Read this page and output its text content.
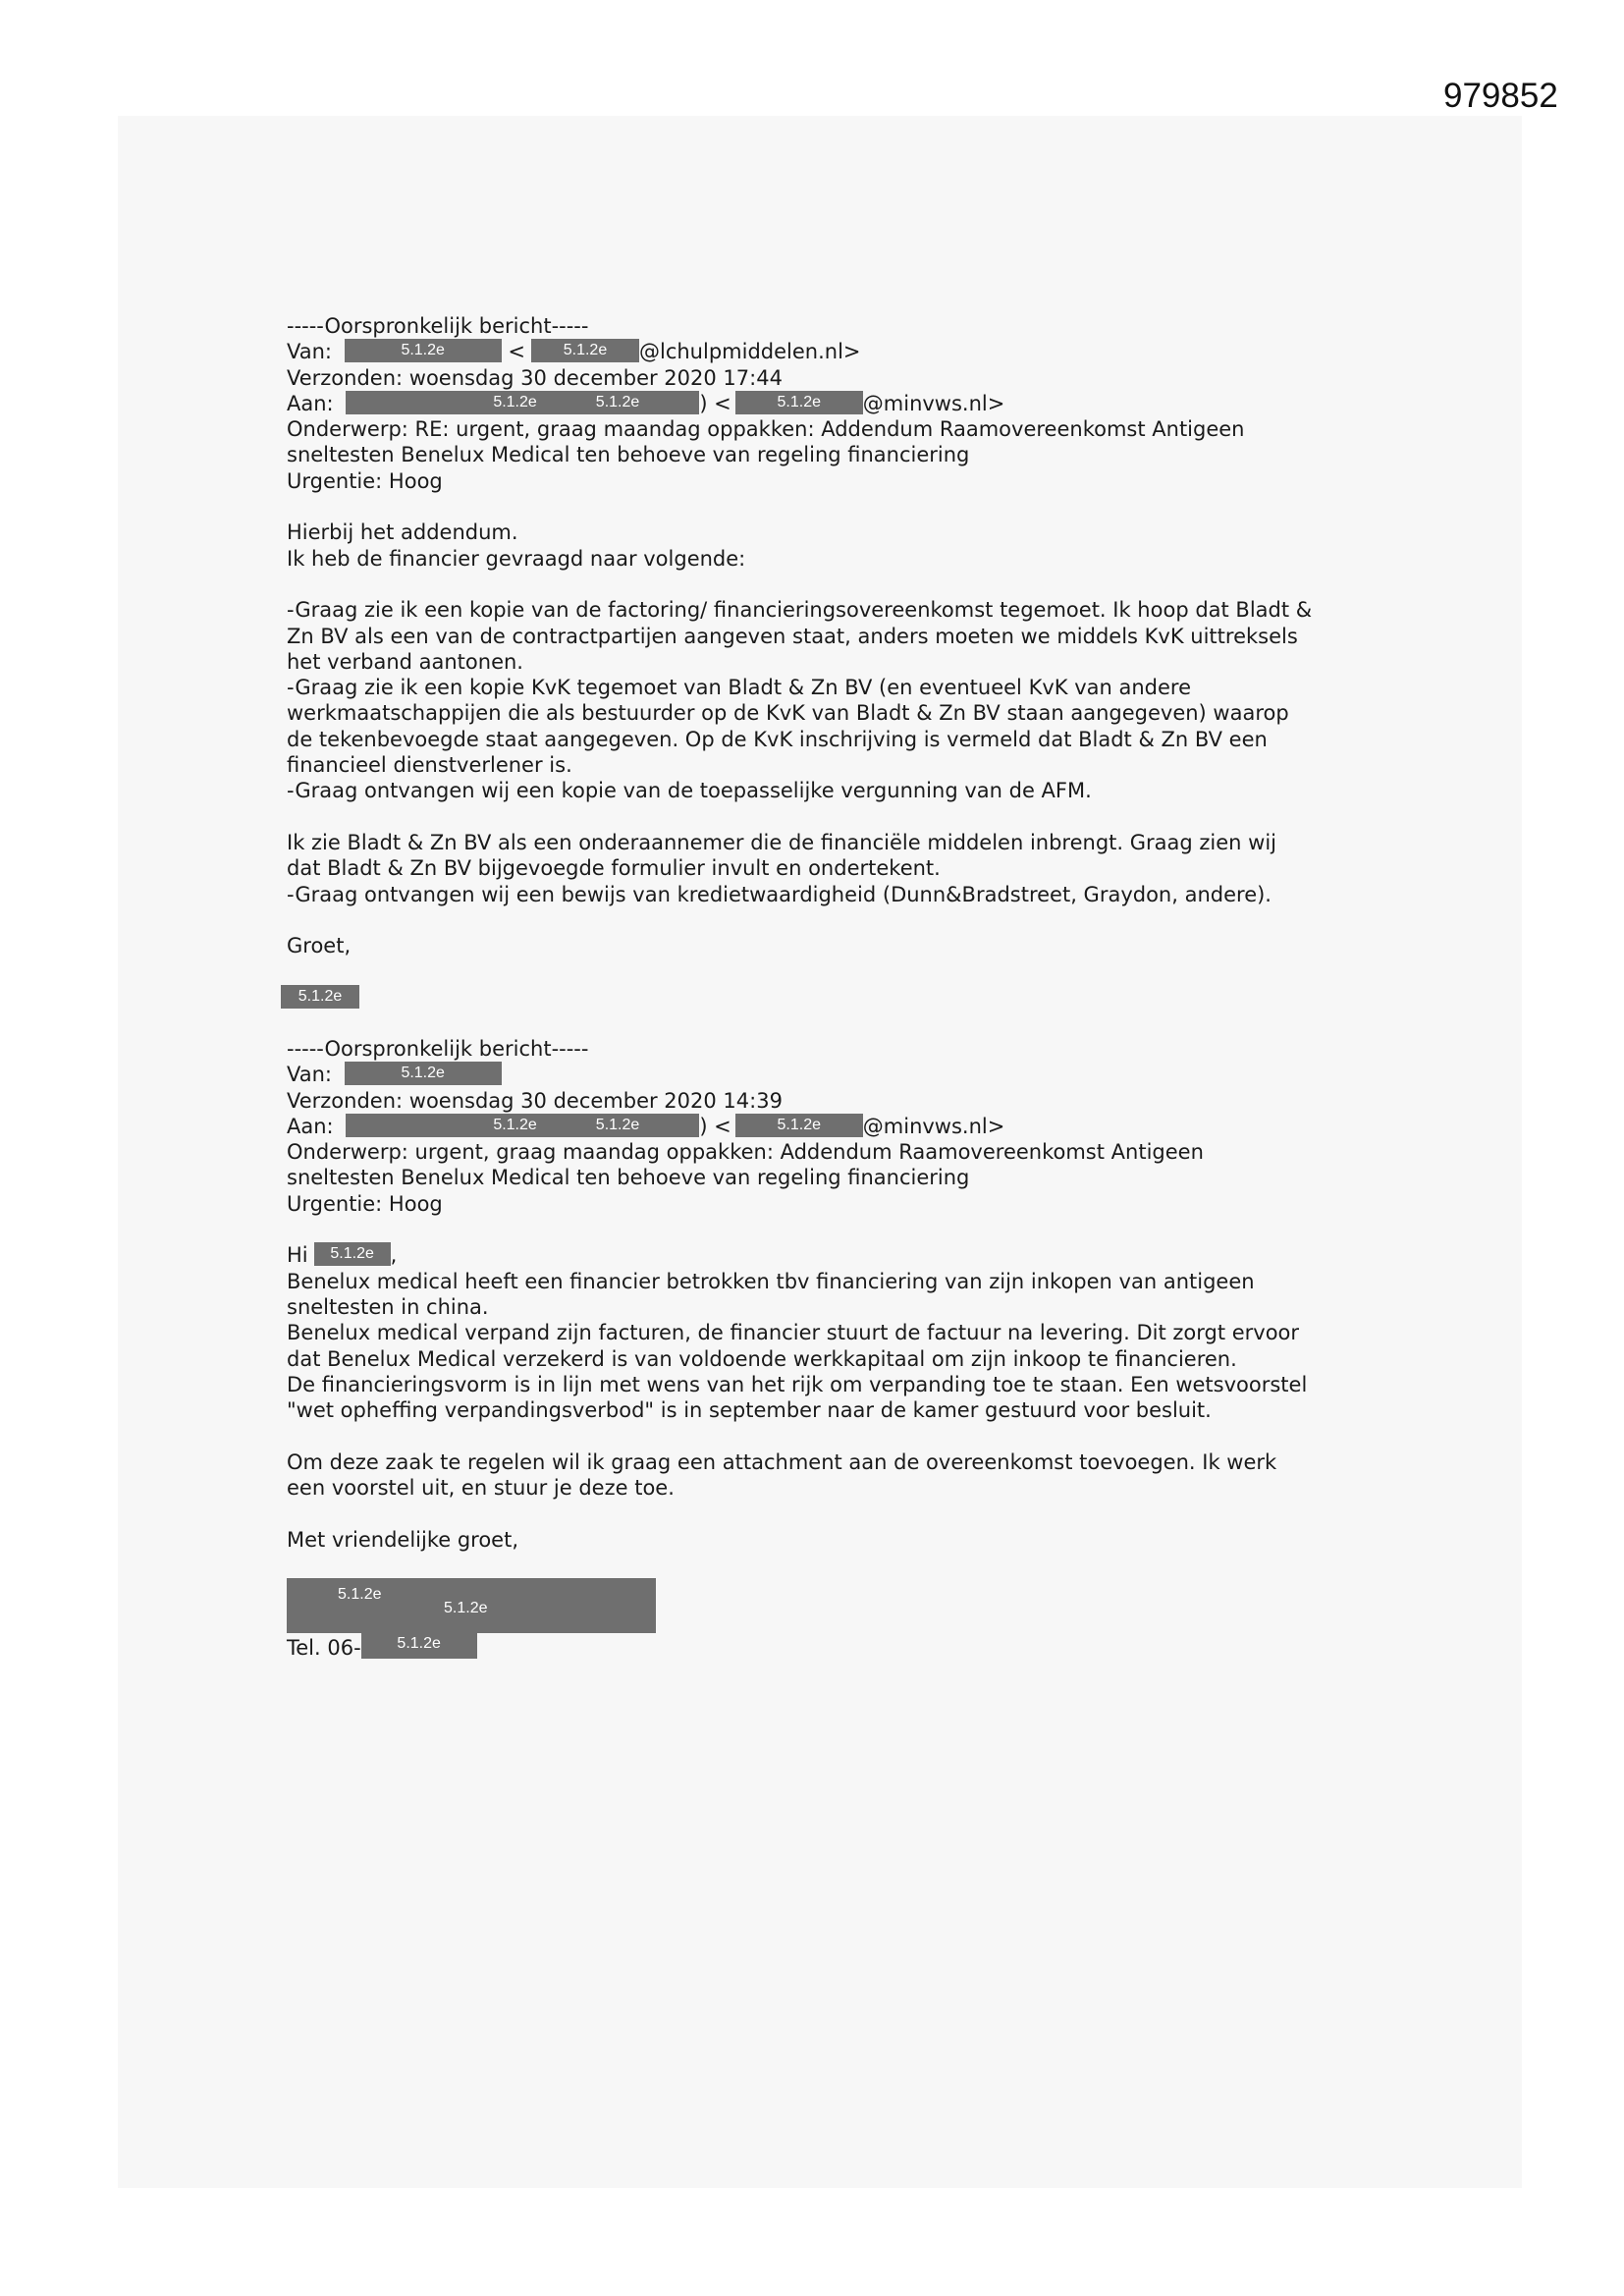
979852
-----Oorspronkelijk bericht-----
Van:	5.1.2e	< 5.1.2e @lchulpmiddelen.nl>
Verzonden: woensdag 30 december 2020 17:44
Aan:	5.1.2e	5.1.2e	) <	5.1.2e @minvws.nl>
Onderwerp: RE: urgent, graag maandag oppakken: Addendum Raamovereenkomst Antigeen
sneltesten Benelux Medical ten behoeve van regeling financiering
Urgentie: Hoog
Hierbij het addendum.
Ik heb de financier gevraagd naar volgende:
-Graag zie ik een kopie van de factoring/ financieringsovereenkomst tegemoet. Ik hoop dat Bladt &
Zn BV als een van de contractpartijen aangeven staat, anders moeten we middels KvK uittreksels
het verband aantonen.
-Graag zie ik een kopie KvK tegemoet van Bladt & Zn BV (en eventueel KvK van andere
werkmaatschappijen die als bestuurder op de KvK van Bladt & Zn BV staan aangegeven) waarop
de tekenbevoegde staat aangegeven. Op de KvK inschrijving is vermeld dat Bladt & Zn BV een
financieel dienstverlener is.
-Graag ontvangen wij een kopie van de toepasselijke vergunning van de AFM.
Ik zie Bladt & Zn BV als een onderaannemer die de financiële middelen inbrengt. Graag zien wij
dat Bladt & Zn BV bijgevoegde formulier invult en ondertekent.
-Graag ontvangen wij een bewijs van kredietwaardigheid (Dunn&Bradstreet, Graydon, andere).
Groet,
5.1.2e
-----Oorspronkelijk bericht-----
Van:	5.1.2e
Verzonden: woensdag 30 december 2020 14:39
Aan:	5.1.2e	5.1.2e	) <	5.1.2e @minvws.nl>
Onderwerp: urgent, graag maandag oppakken: Addendum Raamovereenkomst Antigeen
sneltesten Benelux Medical ten behoeve van regeling financiering
Urgentie: Hoog
Hi 5.1.2e ,
Benelux medical heeft een financier betrokken tbv financiering van zijn inkopen van antigeen
sneltesten in china.
Benelux medical verpand zijn facturen, de financier stuurt de factuur na levering. Dit zorgt ervoor
dat Benelux Medical verzekerd is van voldoende werkkapitaal om zijn inkoop te financieren.
De financieringsvorm is in lijn met wens van het rijk om verpanding toe te staan. Een wetsvoorstel
"wet opheffing verpandingsverbod" is in september naar de kamer gestuurd voor besluit.
Om deze zaak te regelen wil ik graag een attachment aan de overeenkomst toevoegen. Ik werk
een voorstel uit, en stuur je deze toe.
Met vriendelijke groet,
5.1.2e
5.1.2e
Tel. 06- 5.1.2e
